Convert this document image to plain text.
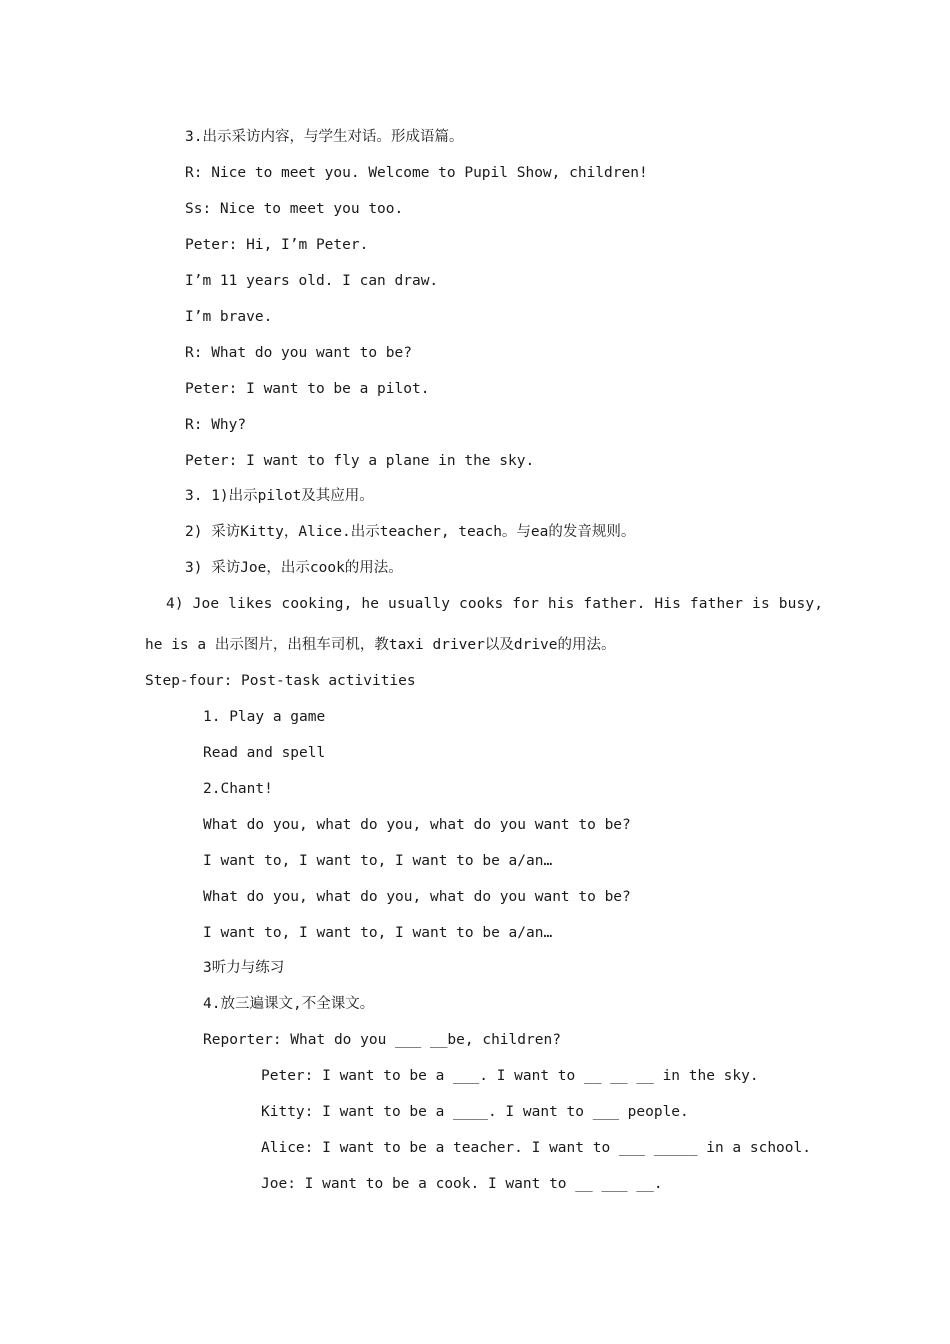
3.出示采访内容，与学生对话。形成语篇。

R: Nice to meet you. Welcome to Pupil Show, children!

Ss: Nice to meet you too.

Peter: Hi, I’m Peter.

I’m 11 years old. I can draw.

I’m brave.

R: What do you want to be?

Peter: I want to be a pilot.

R: Why?

Peter: I want to fly a plane in the sky.

3. 1)出示pilot及其应用。

2) 采访Kitty，Alice.出示teacher, teach。与ea的发音规则。

3) 采访Joe，出示cook的用法。

4) Joe likes cooking, he usually cooks for his father. His father is busy,

he is a 出示图片，出租车司机，教taxi driver以及drive的用法。

Step-four: Post-task activities

1. Play a game

Read and spell

2.Chant!

What do you, what do you, what do you want to be?

I want to, I want to, I want to be a/an…

What do you, what do you, what do you want to be?

I want to, I want to, I want to be a/an…

3听力与练习

4.放三遍课文,不全课文。

Reporter: What do you ___ __be, children?

Peter: I want to be a ___. I want to __ __ __ in the sky.

Kitty: I want to be a ____. I want to ___ people.

Alice: I want to be a teacher. I want to ___ _____ in a school.

Joe: I want to be a cook. I want to __ ___ __.
